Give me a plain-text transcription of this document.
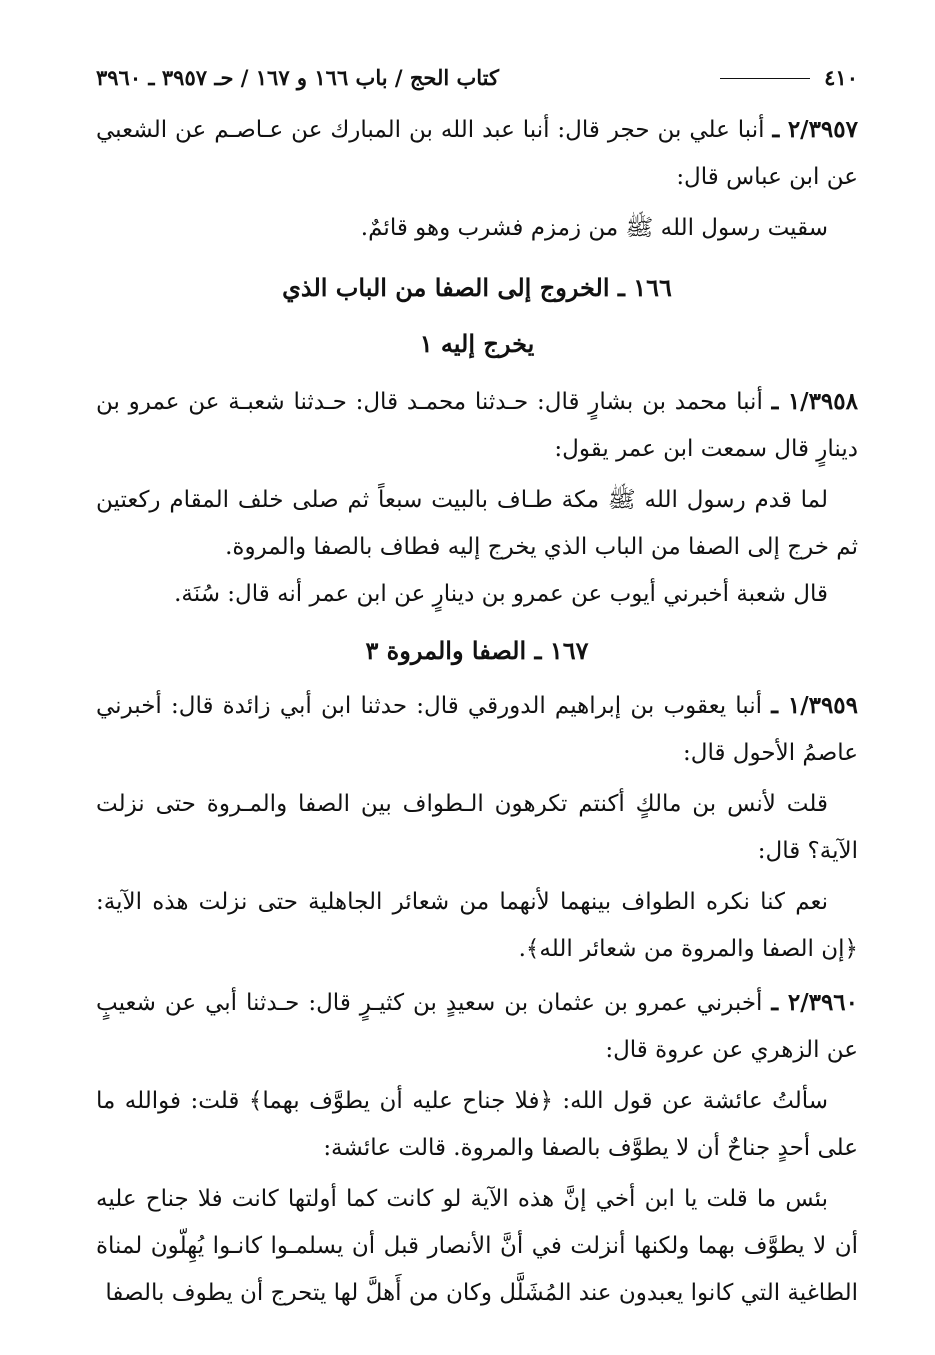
٤١٠
كتاب الحج / باب ١٦٦ و ١٦٧ / حـ ٣٩٥٧ ـ ٣٩٦٠

٢/٣٩٥٧ ـ أنبا علي بن حجر قال: أنبا عبد الله بن المبارك عن عـاصـم عن الشعبي عن ابن عباس قال:

سقيت رسول الله ﷺ من زمزم فشرب وهو قائمٌ.

١٦٦ ـ الخروج إلى الصفا من الباب الذي
يخرج إليه ١

١/٣٩٥٨ ـ أنبا محمد بن بشارٍ قال: حـدثنا محمـد قال: حـدثنا شعبـة عن عمرو بن دينارٍ قال سمعت ابن عمر يقول:

لما قدم رسول الله ﷺ مكة طـاف بالبيت سبعاً ثم صلى خلف المقام ركعتين ثم خرج إلى الصفا من الباب الذي يخرج إليه فطاف بالصفا والمروة.

قال شعبة أخبرني أيوب عن عمرو بن دينارٍ عن ابن عمر أنه قال: سُنَة.

١٦٧ ـ الصفا والمروة ٣

١/٣٩٥٩ ـ أنبا يعقوب بن إبراهيم الدورقي قال: حدثنا ابن أبي زائدة قال: أخبرني عاصمُ الأحول قال:

قلت لأنس بن مالكٍ أكنتم تكرهون الـطواف بين الصفا والمـروة حتى نزلت الآية؟ قال:

نعم كنا نكره الطواف بينهما لأنهما من شعائر الجاهلية حتى نزلت هذه الآية: ﴿إن الصفا والمروة من شعائر الله﴾.

٢/٣٩٦٠ ـ أخبرني عمرو بن عثمان بن سعيدٍ بن كثيـرٍ قال: حـدثنا أبي عن شعيبٍ عن الزهري عن عروة قال:

سألتُ عائشة عن قول الله: ﴿فلا جناح عليه أن يطوَّف بهما﴾ قلت: فوالله ما على أحدٍ جناحٌ أن لا يطوَّف بالصفا والمروة. قالت عائشة:

بئس ما قلت يا ابن أخي إنَّ هذه الآية لو كانت كما أولتها كانت فلا جناح عليه أن لا يطوَّف بهما ولكنها أنزلت في أنَّ الأنصار قبل أن يسلمـوا كانـوا يُهِلّون لمناة الطاغية التي كانوا يعبدون عند المُشَلَّل وكان من أَهلَّ لها يتحرج أن يطوف بالصفا
